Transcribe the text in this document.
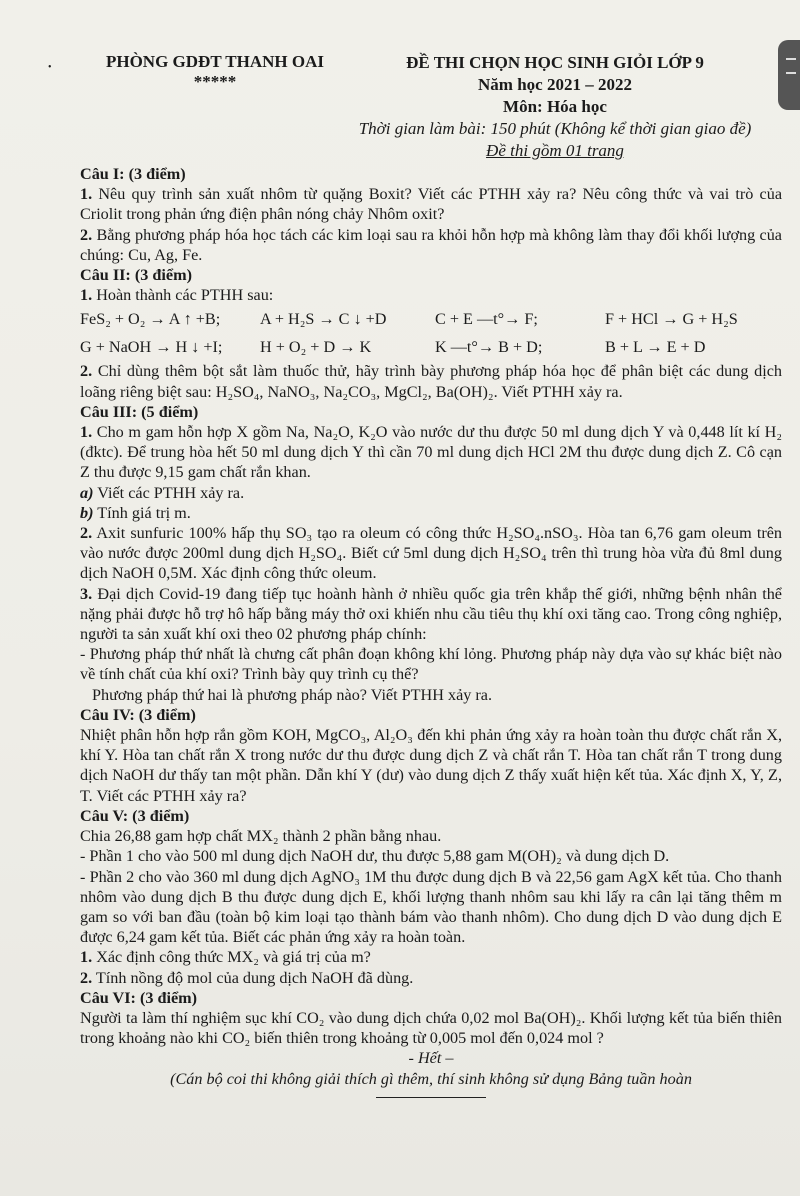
•	PHÒNG GDĐT THANH OAI
*****
ĐỀ THI CHỌN HỌC SINH GIỎI LỚP 9
Năm học 2021 – 2022
Môn: Hóa học
Thời gian làm bài: 150 phút (Không kể thời gian giao đề)
Đề thi gồm 01 trang

Câu I: (3 điểm)

1. Nêu quy trình sản xuất nhôm từ quặng Boxit? Viết các PTHH xảy ra? Nêu công thức và vai trò của Criolit trong phản ứng điện phân nóng chảy Nhôm oxit?

2. Bằng phương pháp hóa học tách các kim loại sau ra khỏi hỗn hợp mà không làm thay đổi khối lượng của chúng: Cu, Ag, Fe.

Câu II: (3 điểm)

1. Hoàn thành các PTHH sau:

FeS₂ + O₂ → A ↑ +B;	A + H₂S → C ↓ +D	C + E —t°→ F;	F + HCl → G + H₂S
G + NaOH → H ↓ +I;	H + O₂ + D → K	K —t°→ B + D;	B + L → E + D

2. Chỉ dùng thêm bột sắt làm thuốc thử, hãy trình bày phương pháp hóa học để phân biệt các dung dịch loãng riêng biệt sau: H₂SO₄, NaNO₃, Na₂CO₃, MgCl₂, Ba(OH)₂. Viết PTHH xảy ra.

Câu III: (5 điểm)

1. Cho m gam hỗn hợp X gồm Na, Na₂O, K₂O vào nước dư thu được 50 ml dung dịch Y và 0,448 lít kí H₂ (đktc). Để trung hòa hết 50 ml dung dịch Y thì cần 70 ml dung dịch HCl 2M thu được dung dịch Z. Cô cạn Z thu được 9,15 gam chất rắn khan.

a) Viết các PTHH xảy ra.

b) Tính giá trị m.

2. Axit sunfuric 100% hấp thụ SO₃ tạo ra oleum có công thức H₂SO₄.nSO₃. Hòa tan 6,76 gam oleum trên vào nước được 200ml dung dịch H₂SO₄. Biết cứ 5ml dung dịch H₂SO₄ trên thì trung hòa vừa đủ 8ml dung dịch NaOH 0,5M. Xác định công thức oleum.

3. Đại dịch Covid-19 đang tiếp tục hoành hành ở nhiều quốc gia trên khắp thế giới, những bệnh nhân thể nặng phải được hỗ trợ hô hấp bằng máy thở oxi khiến nhu cầu tiêu thụ khí oxi tăng cao. Trong công nghiệp, người ta sản xuất khí oxi theo 02 phương pháp chính:

- Phương pháp thứ nhất là chưng cất phân đoạn không khí lỏng. Phương pháp này dựa vào sự khác biệt nào về tính chất của khí oxi? Trình bày quy trình cụ thể?

Phương pháp thứ hai là phương pháp nào? Viết PTHH xảy ra.

Câu IV: (3 điểm)

Nhiệt phân hỗn hợp rắn gồm KOH, MgCO₃, Al₂O₃ đến khi phản ứng xảy ra hoàn toàn thu được chất rắn X, khí Y. Hòa tan chất rắn X trong nước dư thu được dung dịch Z và chất rắn T. Hòa tan chất rắn T trong dung dịch NaOH dư thấy tan một phần. Dẫn khí Y (dư) vào dung dịch Z thấy xuất hiện kết tủa. Xác định X, Y, Z, T. Viết các PTHH xảy ra?

Câu V: (3 điểm)

Chia 26,88 gam hợp chất MX₂ thành 2 phần bằng nhau.

- Phần 1 cho vào 500 ml dung dịch NaOH dư, thu được 5,88 gam M(OH)₂ và dung dịch D.

- Phần 2 cho vào 360 ml dung dịch AgNO₃ 1M thu được dung dịch B và 22,56 gam AgX kết tủa. Cho thanh nhôm vào dung dịch B thu được dung dịch E, khối lượng thanh nhôm sau khi lấy ra cân lại tăng thêm m gam so với ban đầu (toàn bộ kim loại tạo thành bám vào thanh nhôm). Cho dung dịch D vào dung dịch E được 6,24 gam kết tủa. Biết các phản ứng xảy ra hoàn toàn.

1. Xác định công thức MX₂ và giá trị của m?

2. Tính nồng độ mol của dung dịch NaOH đã dùng.

Câu VI: (3 điểm)

Người ta làm thí nghiệm sục khí CO₂ vào dung dịch chứa 0,02 mol Ba(OH)₂. Khối lượng kết tủa biến thiên trong khoảng nào khi CO₂ biến thiên trong khoảng từ 0,005 mol đến 0,024 mol ?

- Hết –

(Cán bộ coi thi không giải thích gì thêm, thí sinh không sử dụng Bảng tuần hoàn
